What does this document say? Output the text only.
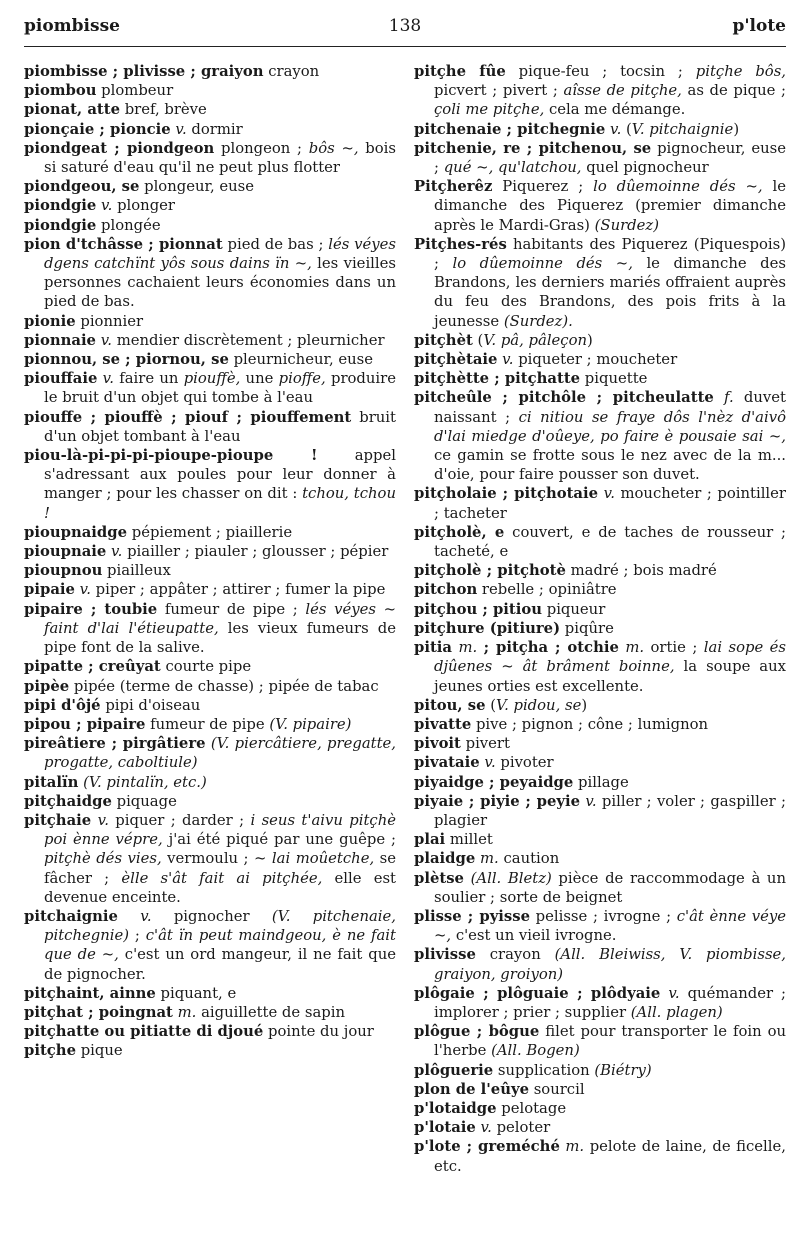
piombisse	138	p'lote
piombisse ; plivisse ; graiyon crayon
piombou plombeur
pionat, atte bref, brève
pionçaie ; pioncie v. dormir
piondgeat ; piondgeon plongeon ; bôs ~, bois si saturé d'eau qu'il ne peut plus flotter
piondgeou, se plongeur, euse
piondgie v. plonger
piondgie plongée
pion d'tchâsse ; pionnat pied de bas ; lés véyes dgens catchïnt yôs sous dains ïn ~, les vieilles personnes cachaient leurs économies dans un pied de bas.
pionie pionnier
pionnaie v. mendier discrètement ; pleurnicher
pionnou, se ; piornou, se pleurnicheur, euse
piouffaie v. faire un piouffè, une pioffe, produire le bruit d'un objet qui tombe à l'eau
piouffe ; piouffè ; piouf ; piouffement bruit d'un objet tombant à l'eau
piou-là-pi-pi-pi-pioupe-pioupe ! appel s'adressant aux poules pour leur donner à manger ; pour les chasser on dit : tchou, tchou !
pioupnaidge pépiement ; piaillerie
pioupnaie v. piailler ; piauler ; glousser ; pépier
pioupnou piailleux
pipaie v. piper ; appâter ; attirer ; fumer la pipe
pipaire ; toubie fumeur de pipe ; lés véyes ~ faint d'lai l'étieupatte, les vieux fumeurs de pipe font de la salive.
pipatte ; creûyat courte pipe
pipèe pipée (terme de chasse) ; pipée de tabac
pipi d'ôjé pipi d'oiseau
pipou ; pipaire fumeur de pipe (V. pipaire)
pireâtiere ; pirgâtiere (V. piercâtiere, pregatte, progatte, caboltiule)
pitalïn (V. pintalïn, etc.)
pitçhaidge piquage
pitçhaie v. piquer ; darder ; i seus t'aivu pitçhè poi ènne vépre, j'ai été piqué par une guêpe ; pitçhè dés vies, vermoulu ; ~ lai moûetche, se fâcher ; èlle s'ât fait ai pitçhée, elle est devenue enceinte.
pitchaignie v. pignocher (V. pitchenaie, pitchegnie) ; c'ât ïn peut maindgeou, è ne fait que de ~, c'est un ord mangeur, il ne fait que de pignocher.
pitçhaint, ainne piquant, e
pitçhat ; poingnat m. aiguillette de sapin
pitçhatte ou pitiatte di djoué pointe du jour
pitçhe pique
pitçhe fûe pique-feu ; tocsin ; pitçhe bôs, picvert ; pivert ; aîsse de pitçhe, as de pique ; çoli me pitçhe, cela me démange.
pitchenaie ; pitchegnie v. (V. pitchaignie)
pitchenie, re ; pitchenou, se pignocheur, euse ; qué ~, qu'latchou, quel pignocheur
Pitçherêz Piquerez ; lo dûemoinne dés ~, le dimanche des Piquerez (premier dimanche après le Mardi-Gras) (Surdez)
Pitçhes-rés habitants des Piquerez (Piquespois) ; lo dûemoinne dés ~, le dimanche des Brandons, les derniers mariés offraient auprès du feu des Brandons, des pois frits à la jeunesse (Surdez).
pitçhèt (V. pâ, pâleçon)
pitçhètaie v. piqueter ; moucheter
pitçhètte ; pitçhatte piquette
pitcheûle ; pitchôle ; pitcheulatte f. duvet naissant ; ci nitiou se fraye dôs l'nèz d'aivô d'lai miedge d'oûeye, po faire è pousaie sai ~, ce gamin se frotte sous le nez avec de la m... d'oie, pour faire pousser son duvet.
pitçholaie ; pitçhotaie v. moucheter ; pointiller ; tacheter
pitçholè, e couvert, e de taches de rousseur ; tacheté, e
pitçholè ; pitçhotè madré ; bois madré
pitchon rebelle ; opiniâtre
pitçhou ; pitiou piqueur
pitçhure (pitiure) piqûre
pitia m. ; pitçha ; otchie m. ortie ; lai sope és djûenes ~ ât brâment boinne, la soupe aux jeunes orties est excellente.
pitou, se (V. pidou, se)
pivatte pive ; pignon ; cône ; lumignon
pivoit pivert
pivataie v. pivoter
piyaidge ; peyaidge pillage
piyaie ; piyie ; peyie v. piller ; voler ; gaspiller ; plagier
plai millet
plaidge m. caution
plètse (All. Bletz) pièce de raccommodage à un soulier ; sorte de beignet
plisse ; pyisse pelisse ; ivrogne ; c'ât ènne véye ~, c'est un vieil ivrogne.
plivisse crayon (All. Bleiwiss, V. piombisse, graiyon, groiyon)
plôgaie ; plôguaie ; plôdyaie v. quémander ; implorer ; prier ; supplier (All. plagen)
plôgue ; bôgue filet pour transporter le foin ou l'herbe (All. Bogen)
plôguerie supplication (Biétry)
plon de l'eûye sourcil
p'lotaidge pelotage
p'lotaie v. peloter
p'lote ; greméché m. pelote de laine, de ficelle, etc.
